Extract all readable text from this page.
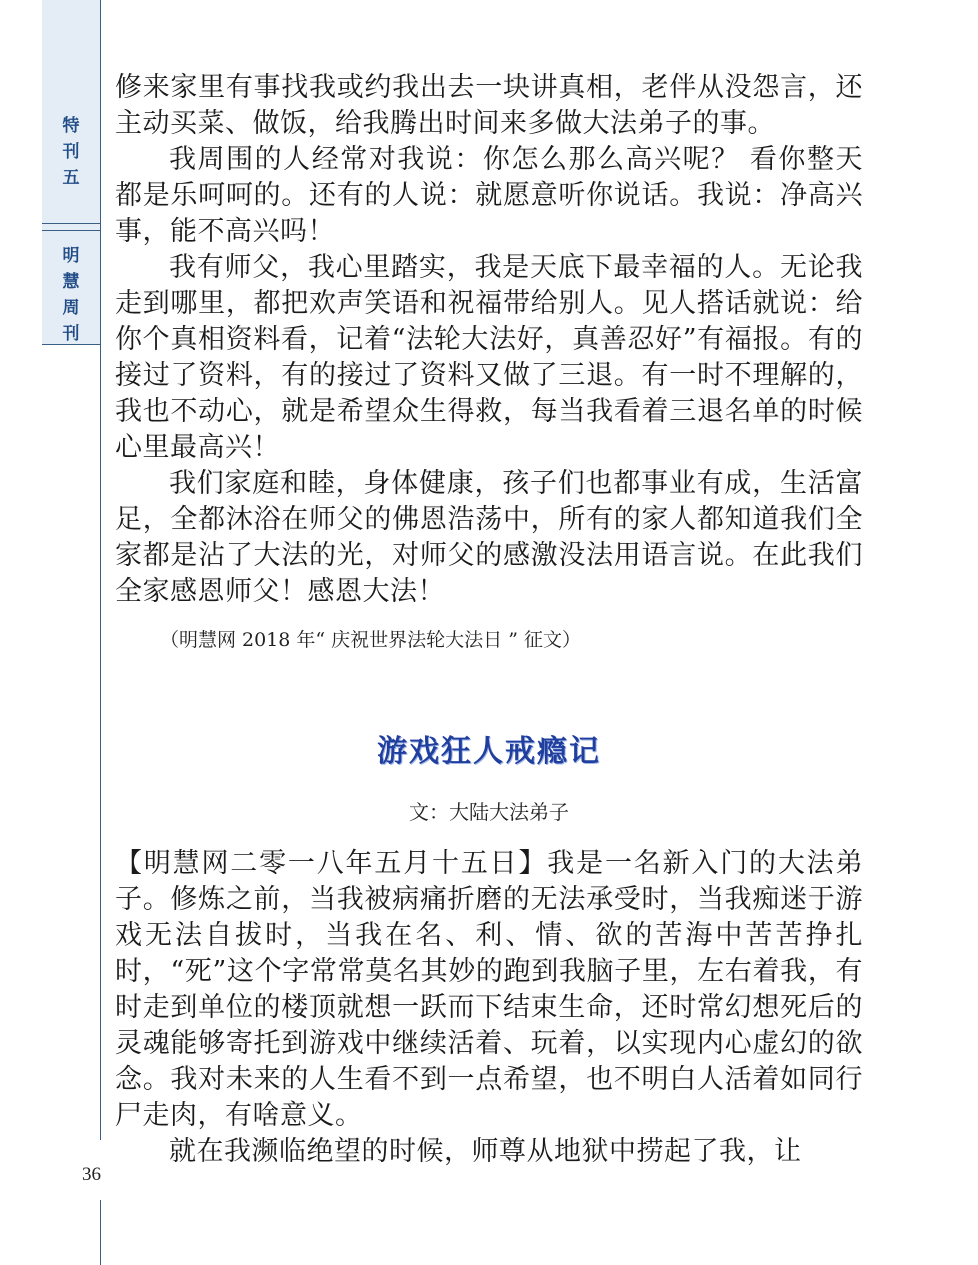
特
刊
五
明
慧
周
刊

修来家里有事找我或约我出去一块讲真相，老伴从没怨言，还主动买菜、做饭，给我腾出时间来多做大法弟子的事。

我周围的人经常对我说：你怎么那么高兴呢？ 看你整天都是乐呵呵的。还有的人说：就愿意听你说话。我说：净高兴事，能不高兴吗！

我有师父，我心里踏实，我是天底下最幸福的人。无论我走到哪里，都把欢声笑语和祝福带给别人。见人搭话就说：给你个真相资料看，记着“法轮大法好，真善忍好”有福报。有的接过了资料，有的接过了资料又做了三退。有一时不理解的，我也不动心，就是希望众生得救，每当我看着三退名单的时候心里最高兴！

我们家庭和睦，身体健康，孩子们也都事业有成，生活富足，全都沐浴在师父的佛恩浩荡中，所有的家人都知道我们全家都是沾了大法的光，对师父的感激没法用语言说。在此我们全家感恩师父！感恩大法！

（明慧网 2018 年“ 庆祝世界法轮大法日 ” 征文）
游戏狂人戒瘾记
文：大陆大法弟子

【明慧网二零一八年五月十五日】我是一名新入门的大法弟子。修炼之前，当我被病痛折磨的无法承受时，当我痴迷于游戏无法自拔时，当我在名、利、情、欲的苦海中苦苦挣扎时，“死”这个字常常莫名其妙的跑到我脑子里，左右着我，有时走到单位的楼顶就想一跃而下结束生命，还时常幻想死后的灵魂能够寄托到游戏中继续活着、玩着，以实现内心虚幻的欲念。我对未来的人生看不到一点希望，也不明白人活着如同行尸走肉，有啥意义。

就在我濒临绝望的时候，师尊从地狱中捞起了我，让

36
